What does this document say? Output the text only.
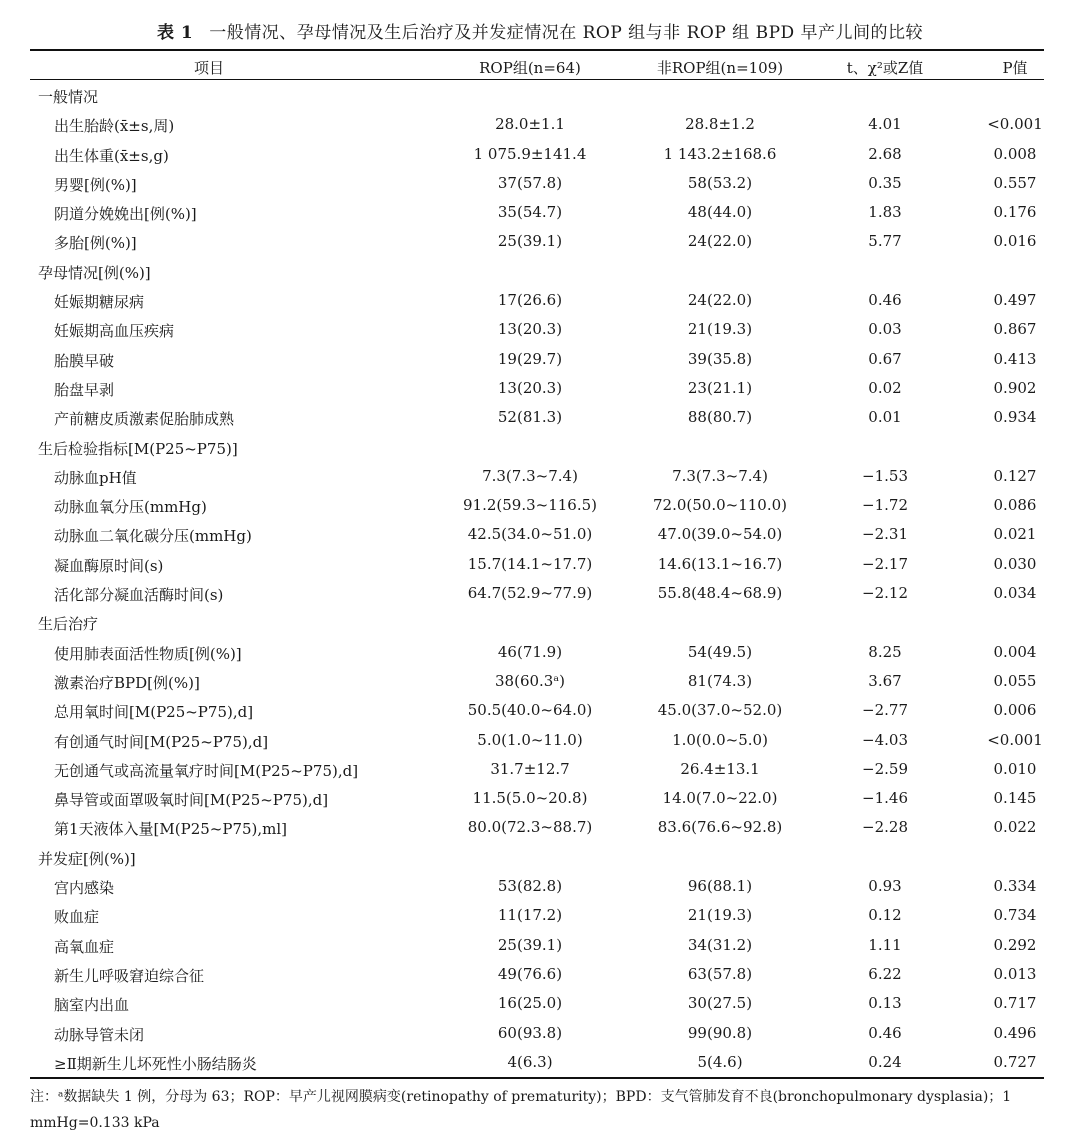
表 1 一般情况、孕母情况及生后治疗及并发症情况在 ROP 组与非 ROP 组 BPD 早产儿间的比较
项目	ROP组(n=64)	非ROP组(n=109)	t、χ²或Z值	P值
一般情况
出生胎龄(x̄±s,周)	28.0±1.1	28.8±1.2	4.01	<0.001
出生体重(x̄±s,g)	1 075.9±141.4	1 143.2±168.6	2.68	0.008
男婴[例(%)]	37(57.8)	58(53.2)	0.35	0.557
阴道分娩娩出[例(%)]	35(54.7)	48(44.0)	1.83	0.176
多胎[例(%)]	25(39.1)	24(22.0)	5.77	0.016
孕母情况[例(%)]
妊娠期糖尿病	17(26.6)	24(22.0)	0.46	0.497
妊娠期高血压疾病	13(20.3)	21(19.3)	0.03	0.867
胎膜早破	19(29.7)	39(35.8)	0.67	0.413
胎盘早剥	13(20.3)	23(21.1)	0.02	0.902
产前糖皮质激素促胎肺成熟	52(81.3)	88(80.7)	0.01	0.934
生后检验指标[M(P25~P75)]
动脉血pH值	7.3(7.3~7.4)	7.3(7.3~7.4)	−1.53	0.127
动脉血氧分压(mmHg)	91.2(59.3~116.5)	72.0(50.0~110.0)	−1.72	0.086
动脉血二氧化碳分压(mmHg)	42.5(34.0~51.0)	47.0(39.0~54.0)	−2.31	0.021
凝血酶原时间(s)	15.7(14.1~17.7)	14.6(13.1~16.7)	−2.17	0.030
活化部分凝血活酶时间(s)	64.7(52.9~77.9)	55.8(48.4~68.9)	−2.12	0.034
生后治疗
使用肺表面活性物质[例(%)]	46(71.9)	54(49.5)	8.25	0.004
激素治疗BPD[例(%)]	38(60.3ᵃ)	81(74.3)	3.67	0.055
总用氧时间[M(P25~P75),d]	50.5(40.0~64.0)	45.0(37.0~52.0)	−2.77	0.006
有创通气时间[M(P25~P75),d]	5.0(1.0~11.0)	1.0(0.0~5.0)	−4.03	<0.001
无创通气或高流量氧疗时间[M(P25~P75),d]	31.7±12.7	26.4±13.1	−2.59	0.010
鼻导管或面罩吸氧时间[M(P25~P75),d]	11.5(5.0~20.8)	14.0(7.0~22.0)	−1.46	0.145
第1天液体入量[M(P25~P75),ml]	80.0(72.3~88.7)	83.6(76.6~92.8)	−2.28	0.022
并发症[例(%)]
宫内感染	53(82.8)	96(88.1)	0.93	0.334
败血症	11(17.2)	21(19.3)	0.12	0.734
高氧血症	25(39.1)	34(31.2)	1.11	0.292
新生儿呼吸窘迫综合征	49(76.6)	63(57.8)	6.22	0.013
脑室内出血	16(25.0)	30(27.5)	0.13	0.717
动脉导管未闭	60(93.8)	99(90.8)	0.46	0.496
≥Ⅱ期新生儿坏死性小肠结肠炎	4(6.3)	5(4.6)	0.24	0.727
注：ᵃ数据缺失 1 例，分母为 63；ROP：早产儿视网膜病变(retinopathy of prematurity)；BPD：支气管肺发育不良(bronchopulmonary dysplasia)；1 mmHg=0.133 kPa
